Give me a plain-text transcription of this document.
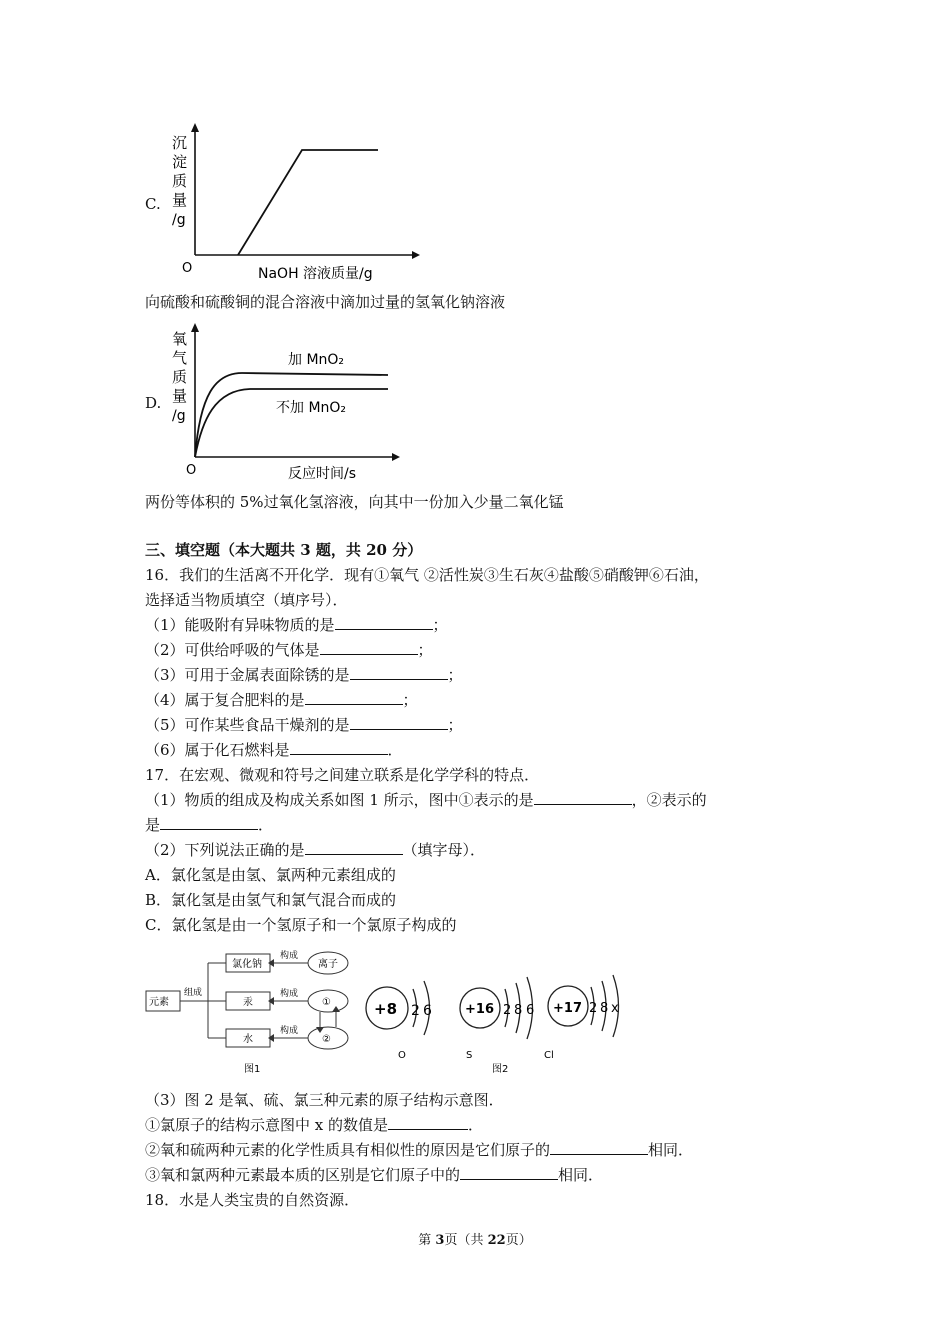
C.
O	NaOH 溶液质量/g
沉
淀
质
量
/g
向硫酸和硫酸铜的混合溶液中滴加过量的氢氧化钠溶液
D.
加 MnO₂
不加 MnO₂
O	反应时间/s
氧
气
质
量
/g
两份等体积的 5%过氧化氢溶液，向其中一份加入少量二氧化锰
三、填空题（本大题共 3 题，共 20 分）
16．我们的生活离不开化学．现有①氧气 ②活性炭③生石灰④盐酸⑤硝酸钾⑥石油，
选择适当物质填空（填序号）．
（1）能吸附有异味物质的是	；
（2）可供给呼吸的气体是	；
（3）可用于金属表面除锈的是	；
（4）属于复合肥料的是	；
（5）可作某些食品干燥剂的是	；
（6）属于化石燃料是	．
17．在宏观、微观和符号之间建立联系是化学学科的特点．
（1）物质的组成及构成关系如图 1 所示，图中①表示的是	，②表示的
是	．
（2）下列说法正确的是	（填字母）．
A．氯化氢是由氢、氯两种元素组成的
B．氯化氢是由氢气和氯气混合而成的
C．氯化氢是由一个氢原子和一个氯原子构成的
元素
组成
构成
构成
构成
氯化钠
汞
水
离子
①
②
图1
+8 2 6	+16 2 8 6 +17 2 8 x
O	S	Cl
图2
（3）图 2 是氧、硫、氯三种元素的原子结构示意图．
①氯原子的结构示意图中 x 的数值是	．
②氧和硫两种元素的化学性质具有相似性的原因是它们原子的	相同．
③氧和氯两种元素最本质的区别是它们原子中的	相同．
18．水是人类宝贵的自然资源．
第 3页（共 22页）
